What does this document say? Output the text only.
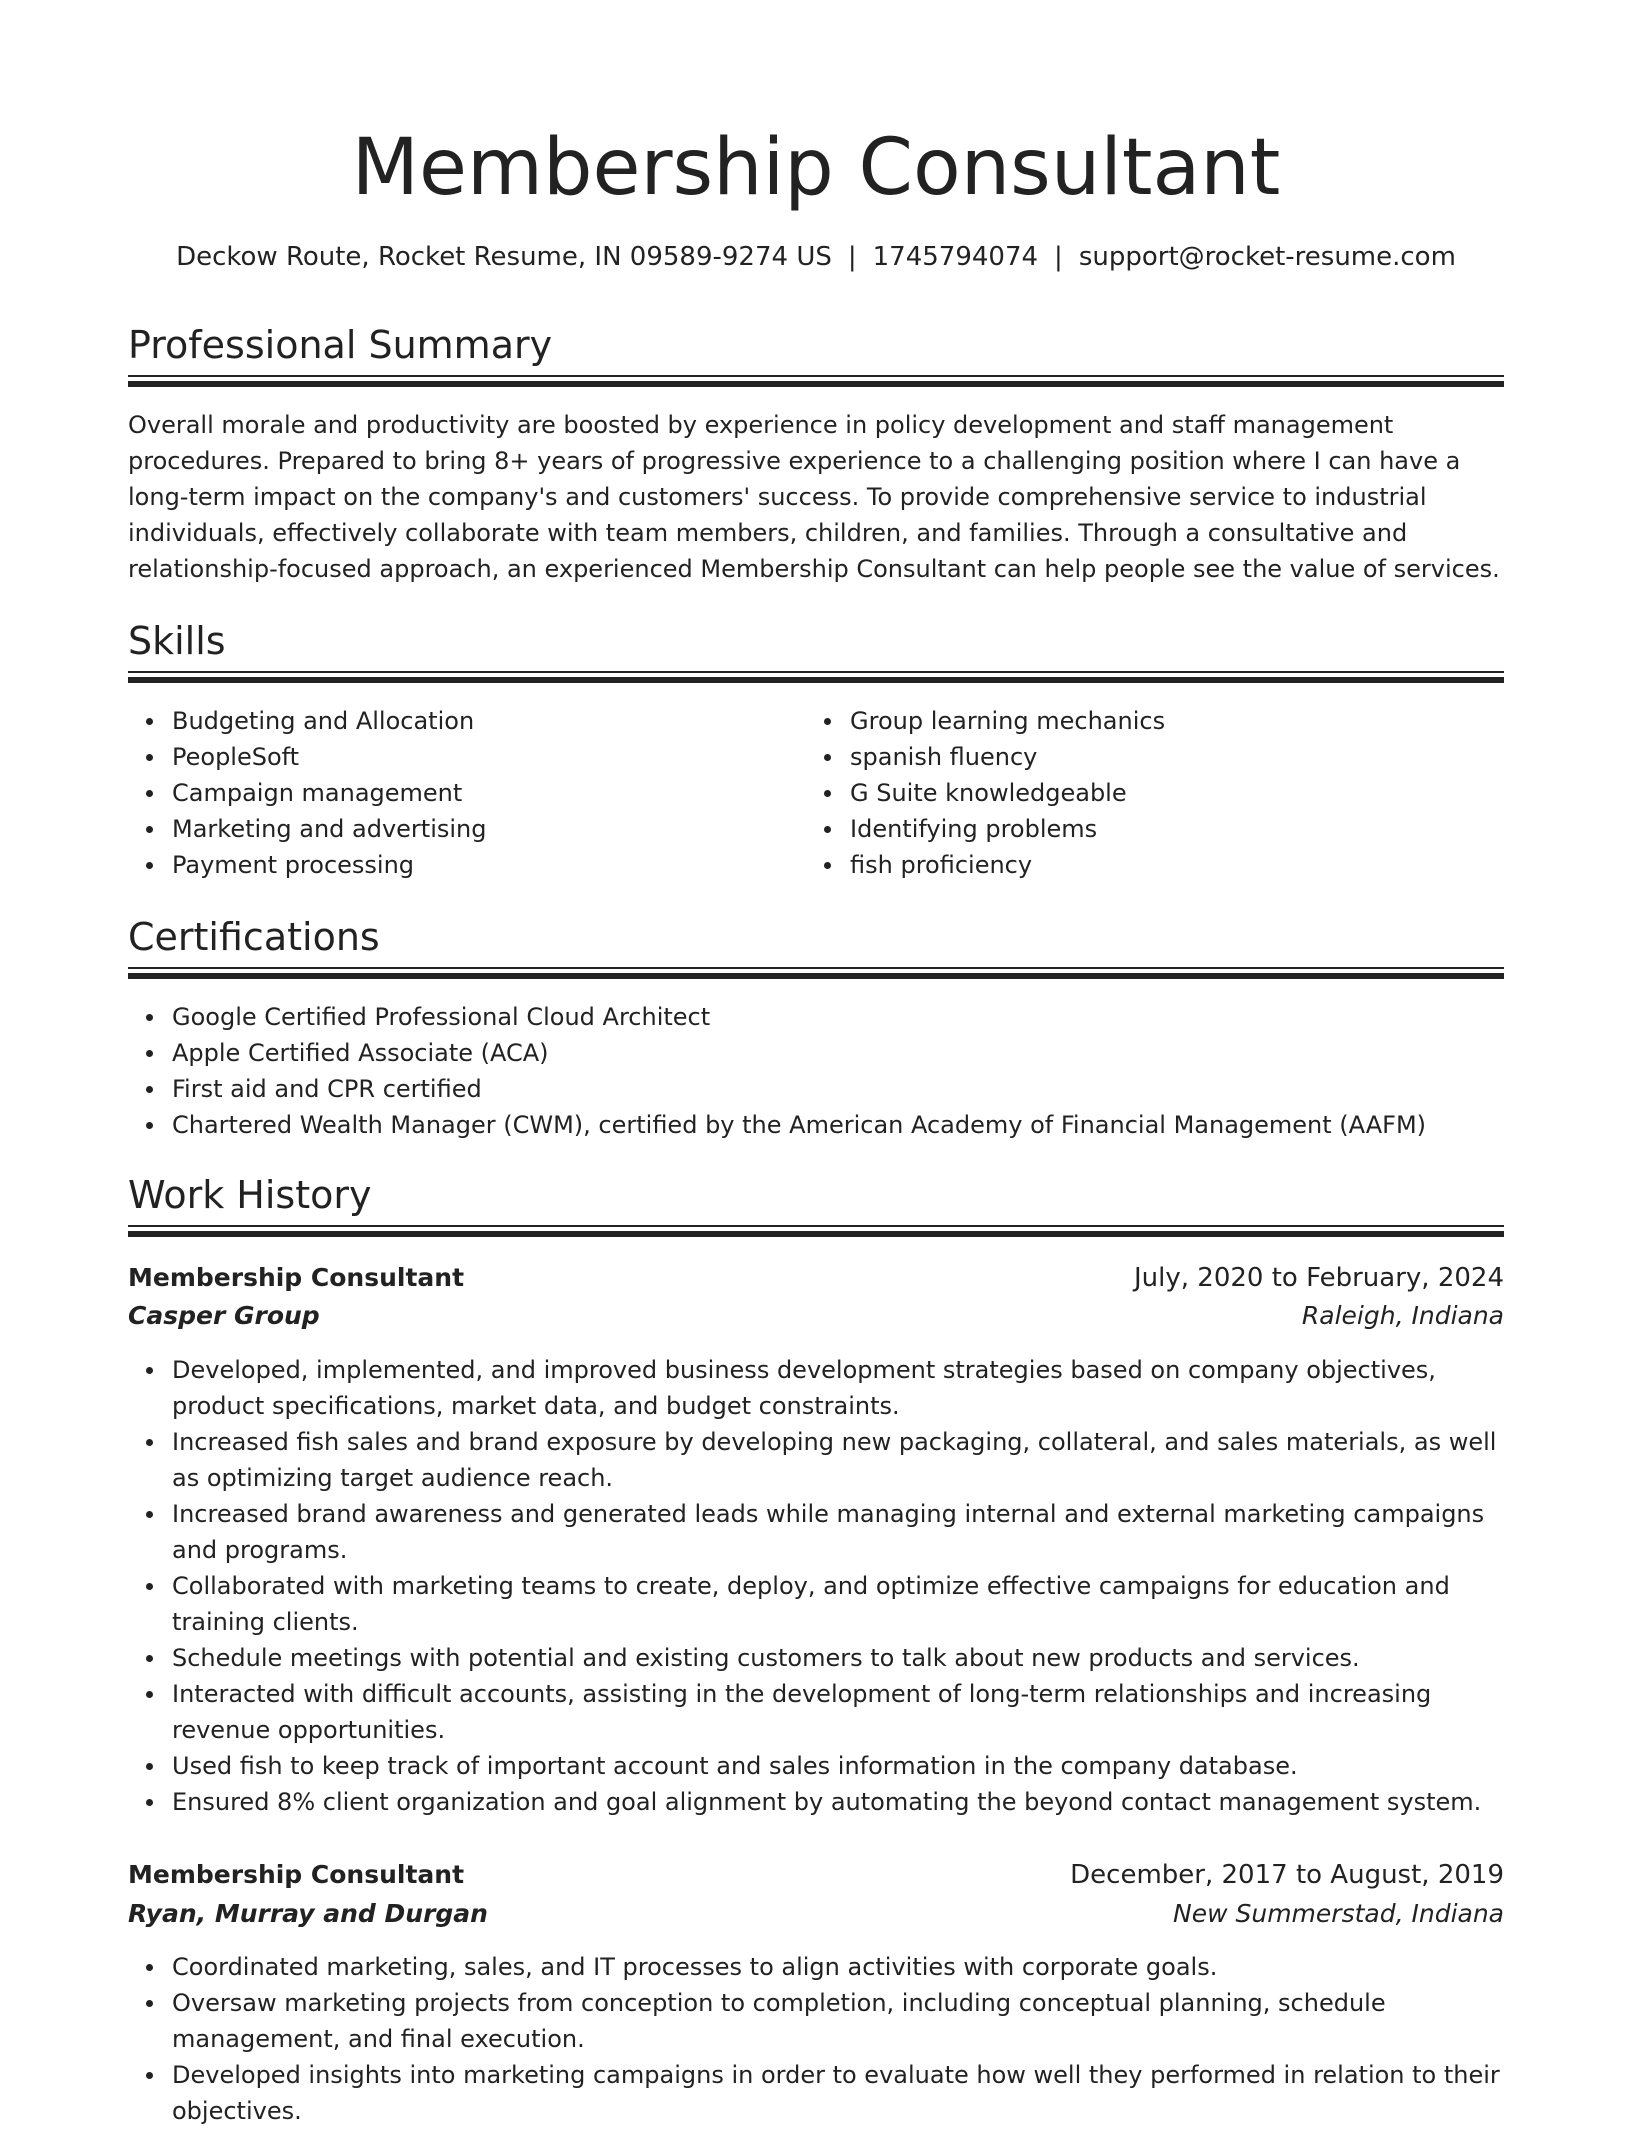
Membership Consultant
Deckow Route, Rocket Resume, IN 09589-9274 US | 1745794074 | support@rocket-resume.com
Professional Summary

Overall morale and productivity are boosted by experience in policy development and staff management procedures. Prepared to bring 8+ years of progressive experience to a challenging position where I can have a long-term impact on the company's and customers' success. To provide comprehensive service to industrial individuals, effectively collaborate with team members, children, and families. Through a consultative and relationship-focused approach, an experienced Membership Consultant can help people see the value of services.

Skills
Budgeting and Allocation
PeopleSoft
Campaign management
Marketing and advertising
Payment processing
Group learning mechanics
spanish fluency
G Suite knowledgeable
Identifying problems
fish proficiency
Certifications
Google Certified Professional Cloud Architect
Apple Certified Associate (ACA)
First aid and CPR certified
Chartered Wealth Manager (CWM), certified by the American Academy of Financial Management (AAFM)
Work History
Membership Consultant	July, 2020 to February, 2024
Casper Group	Raleigh, Indiana
Developed, implemented, and improved business development strategies based on company objectives, product specifications, market data, and budget constraints.
Increased fish sales and brand exposure by developing new packaging, collateral, and sales materials, as well as optimizing target audience reach.
Increased brand awareness and generated leads while managing internal and external marketing campaigns and programs.
Collaborated with marketing teams to create, deploy, and optimize effective campaigns for education and training clients.
Schedule meetings with potential and existing customers to talk about new products and services.
Interacted with difficult accounts, assisting in the development of long-term relationships and increasing revenue opportunities.
Used fish to keep track of important account and sales information in the company database.
Ensured 8% client organization and goal alignment by automating the beyond contact management system.
Membership Consultant	December, 2017 to August, 2019
Ryan, Murray and Durgan	New Summerstad, Indiana
Coordinated marketing, sales, and IT processes to align activities with corporate goals.
Oversaw marketing projects from conception to completion, including conceptual planning, schedule management, and final execution.
Developed insights into marketing campaigns in order to evaluate how well they performed in relation to their objectives.
